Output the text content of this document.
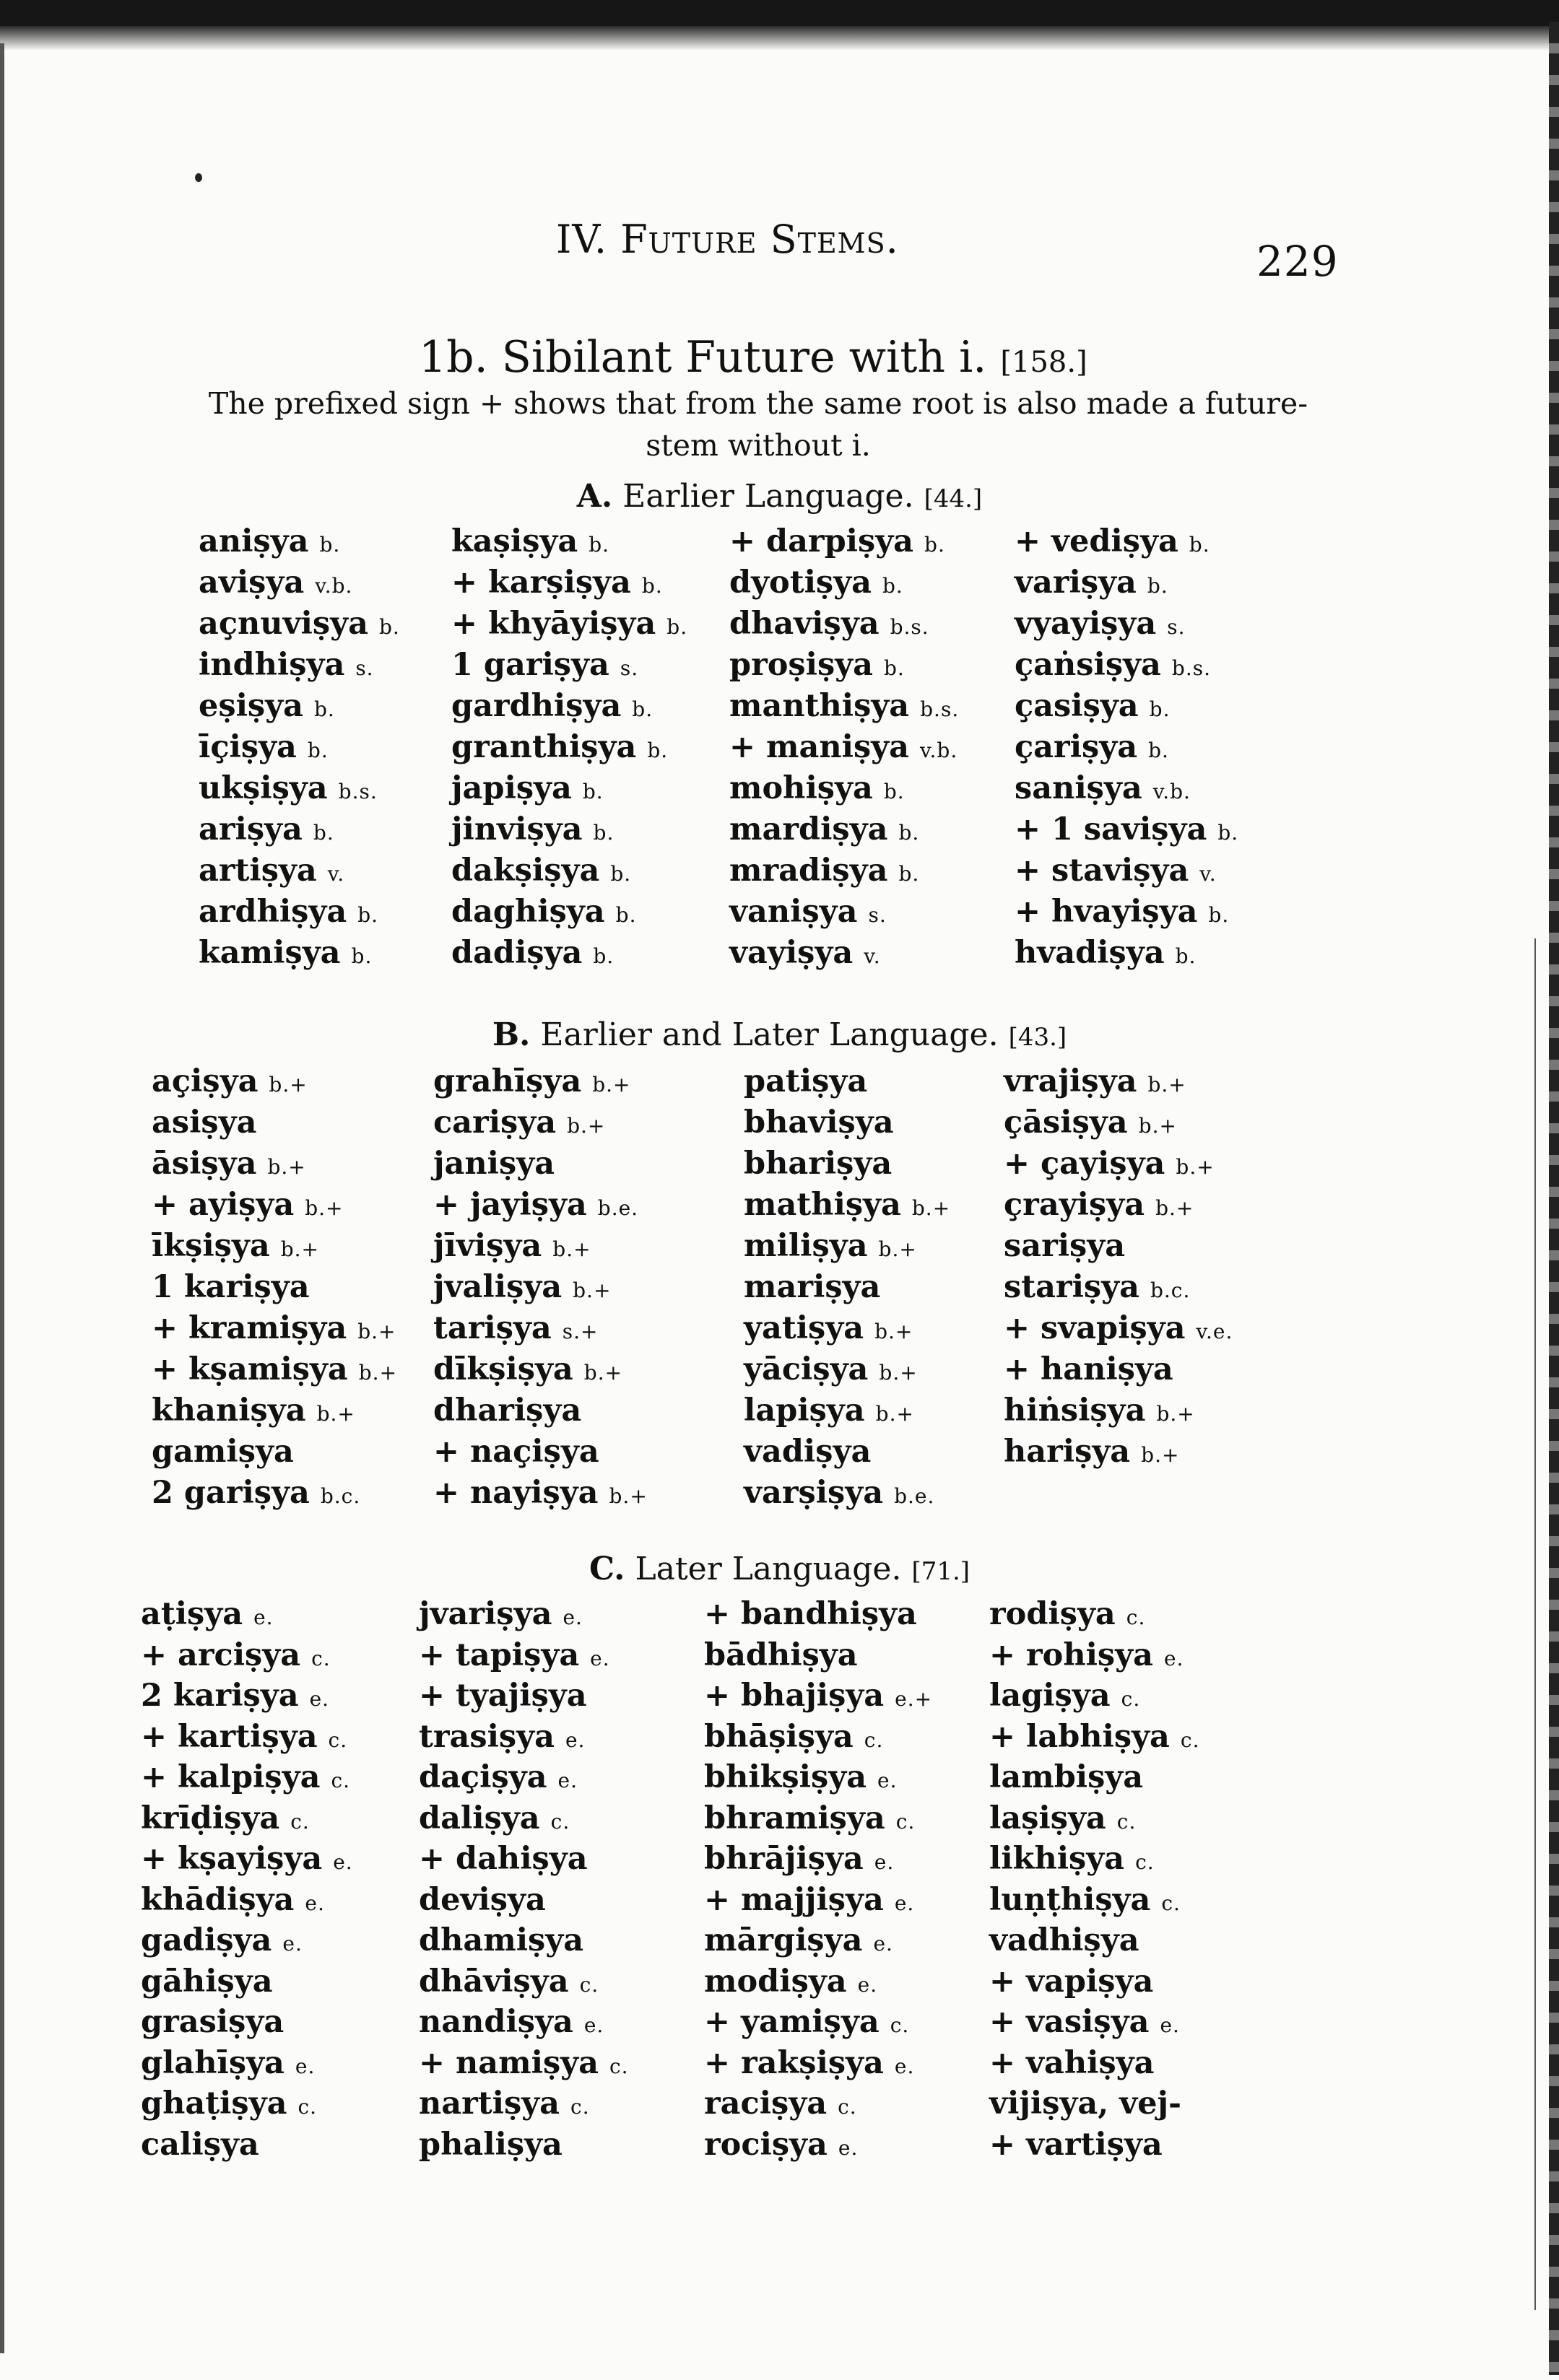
IV. Future Stems.	229
1b. Sibilant Future with i. [158.]
The prefixed sign + shows that from the same root is also made a future-stem without i.
A. Earlier Language. [44.]
aniṣya b.
aviṣya v.b.
açnuviṣya b.
indhiṣya s.
eṣiṣya b.
īçiṣya b.
ukṣiṣya b.s.
ariṣya b.
artiṣya v.
ardhiṣya b.
kamiṣya b.
kaṣiṣya b.
+ karṣiṣya b.
+ khyāyiṣya b.
1 gariṣya s.
gardhiṣya b.
granthiṣya b.
japiṣya b.
jinviṣya b.
dakṣiṣya b.
daghiṣya b.
dadiṣya b.
+ darpiṣya b.
dyotiṣya b.
dhaviṣya b.s.
proṣiṣya b.
manthiṣya b.s.
+ maniṣya v.b.
mohiṣya b.
mardiṣya b.
mradiṣya b.
vaniṣya s.
vayiṣya v.
+ vediṣya b.
variṣya b.
vyayiṣya s.
çaṅsiṣya b.s.
çasiṣya b.
çariṣya b.
saniṣya v.b.
+ 1 saviṣya b.
+ staviṣya v.
+ hvayiṣya b.
hvadiṣya b.
B. Earlier and Later Language. [43.]
açiṣya b.+
asiṣya
āsiṣya b.+
+ ayiṣya b.+
īkṣiṣya b.+
1 kariṣya
+ kramiṣya b.+
+ kṣamiṣya b.+
khaniṣya b.+
gamiṣya
2 gariṣya b.c.
grahīṣya b.+
cariṣya b.+
janiṣya
+ jayiṣya b.e.
jīviṣya b.+
jvaliṣya b.+
tariṣya s.+
dīkṣiṣya b.+
dhariṣya
+ naçiṣya
+ nayiṣya b.+
patiṣya
bhaviṣya
bhariṣya
mathiṣya b.+
miliṣya b.+
mariṣya
yatiṣya b.+
yāciṣya b.+
lapiṣya b.+
vadiṣya
varṣiṣya b.e.
vrajiṣya b.+
çāsiṣya b.+
+ çayiṣya b.+
çrayiṣya b.+
sariṣya
stariṣya b.c.
+ svapiṣya v.e.
+ haniṣya
hiṅsiṣya b.+
hariṣya b.+
C. Later Language. [71.]
aṭiṣya e.
+ arciṣya c.
2 kariṣya e.
+ kartiṣya c.
+ kalpiṣya c.
krīḍiṣya c.
+ kṣayiṣya e.
khādiṣya e.
gadiṣya e.
gāhiṣya
grasiṣya
glahīṣya e.
ghaṭiṣya c.
caliṣya
jvariṣya e.
+ tapiṣya e.
+ tyajiṣya
trasiṣya e.
daçiṣya e.
daliṣya c.
+ dahiṣya
deviṣya
dhamiṣya
dhāviṣya c.
nandiṣya e.
+ namiṣya c.
nartiṣya c.
phaliṣya
+ bandhiṣya
bādhiṣya
+ bhajiṣya e.+
bhāṣiṣya c.
bhikṣiṣya e.
bhramiṣya c.
bhrājiṣya e.
+ majjiṣya e.
mārgiṣya e.
modiṣya e.
+ yamiṣya c.
+ rakṣiṣya e.
raciṣya c.
rociṣya e.
rodiṣya c.
+ rohiṣya e.
lagiṣya c.
+ labhiṣya c.
lambiṣya
laṣiṣya c.
likhiṣya c.
luṇṭhiṣya c.
vadhiṣya
+ vapiṣya
+ vasiṣya e.
+ vahiṣya
vijiṣya, vej-
+ vartiṣya
